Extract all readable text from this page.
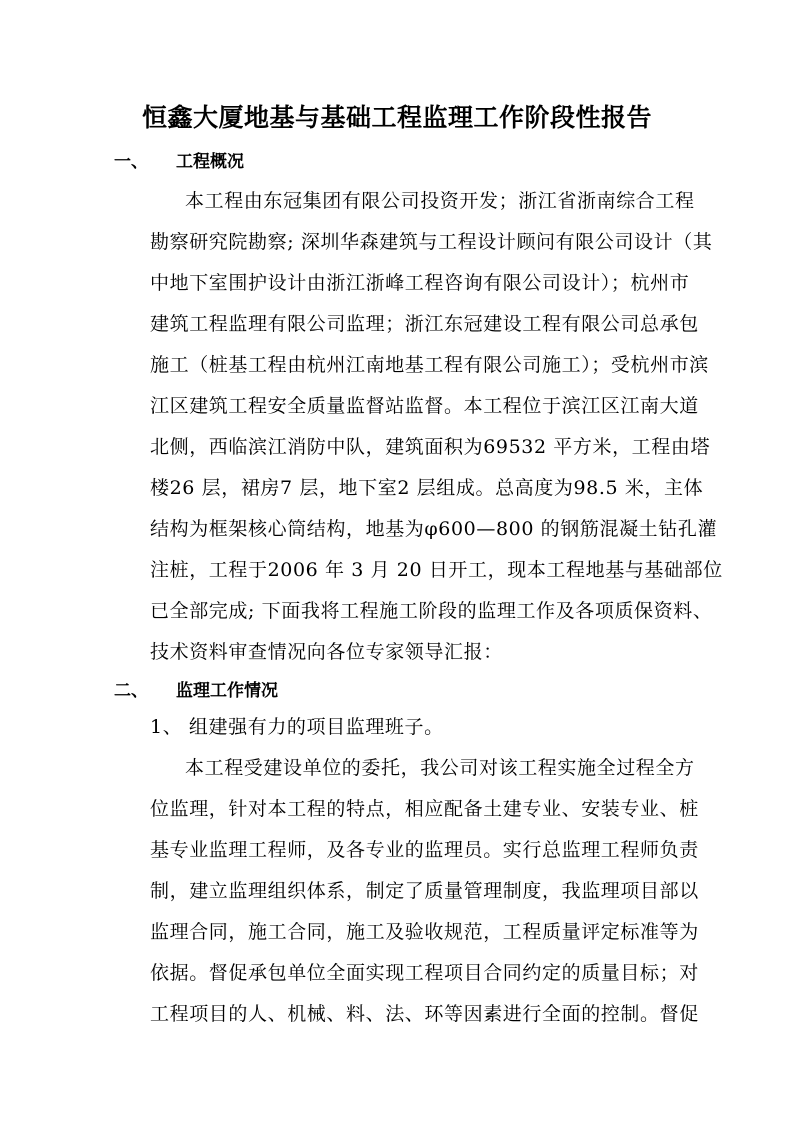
恒鑫大厦地基与基础工程监理工作阶段性报告
一、 工程概况
本工程由东冠集团有限公司投资开发；浙江省浙南综合工程
勘察研究院勘察; 深圳华森建筑与工程设计顾问有限公司设计（其
中地下室围护设计由浙江浙峰工程咨询有限公司设计）；杭州市
建筑工程监理有限公司监理；浙江东冠建设工程有限公司总承包
施工（桩基工程由杭州江南地基工程有限公司施工）；受杭州市滨
江区建筑工程安全质量监督站监督。本工程位于滨江区江南大道
北侧，西临滨江消防中队，建筑面积为69532 平方米，工程由塔
楼26 层，裙房7 层，地下室2 层组成。总高度为98.5 米，主体
结构为框架核心筒结构，地基为φ600—800 的钢筋混凝土钻孔灌
注桩，工程于2006 年 3 月 20 日开工，现本工程地基与基础部位
已全部完成; 下面我将工程施工阶段的监理工作及各项质保资料、
技术资料审查情况向各位专家领导汇报：
二、 监理工作情况
1、 组建强有力的项目监理班子。
本工程受建设单位的委托，我公司对该工程实施全过程全方
位监理，针对本工程的特点，相应配备土建专业、安装专业、桩
基专业监理工程师，及各专业的监理员。实行总监理工程师负责
制，建立监理组织体系，制定了质量管理制度，我监理项目部以
监理合同，施工合同，施工及验收规范，工程质量评定标准等为
依据。督促承包单位全面实现工程项目合同约定的质量目标；对
工程项目的人、机械、料、法、环等因素进行全面的控制。督促
